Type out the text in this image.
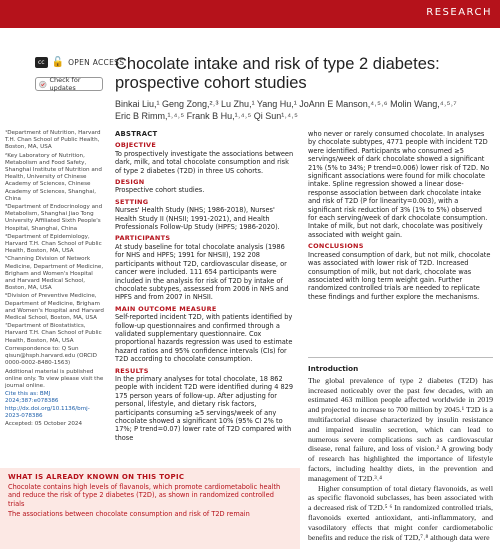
RESEARCH
cc 🔓 OPEN ACCESS
Check for updates
Chocolate intake and risk of type 2 diabetes: prospective cohort studies
Binkai Liu,¹ Geng Zong,²˒³ Lu Zhu,¹ Yang Hu,¹ JoAnn E Manson,⁴˒⁵˒⁶ Molin Wang,⁴˒⁵˒⁷
Eric B Rimm,¹˒⁴˒⁵ Frank B Hu,¹˒⁴˒⁵ Qi Sun¹˒⁴˒⁵

¹Department of Nutrition, Harvard T.H. Chan School of Public Health, Boston, MA, USA

²Key Laboratory of Nutrition, Metabolism and Food Safety, Shanghai Institute of Nutrition and Health, University of Chinese Academy of Sciences, Chinese Academy of Sciences, Shanghai, China

³Department of Endocrinology and Metabolism, Shanghai Jiao Tong University Affiliated Sixth People's Hospital, Shanghai, China

⁴Department of Epidemiology, Harvard T.H. Chan School of Public Health, Boston, MA, USA

⁵Channing Division of Network Medicine, Department of Medicine, Brigham and Women's Hospital and Harvard Medical School, Boston, MA, USA

⁶Division of Preventive Medicine, Department of Medicine, Brigham and Women's Hospital and Harvard Medical School, Boston, MA, USA

⁷Department of Biostatistics, Harvard T.H. Chan School of Public Health, Boston, MA, USA

Correspondence to: Q Sun qisun@hsph.harvard.edu (ORCID 0000-0002-8480-1563)

Additional material is published online only. To view please visit the journal online.

Cite this as: BMJ 2024;387:e078386 http://dx.doi.org/10.1136/bmj-2023-078386

Accepted: 05 October 2024

ABSTRACT
OBJECTIVE

To prospectively investigate the associations between dark, milk, and total chocolate consumption and risk of type 2 diabetes (T2D) in three US cohorts.

DESIGN

Prospective cohort studies.

SETTING

Nurses' Health Study (NHS; 1986-2018), Nurses' Health Study II (NHSII; 1991-2021), and Health Professionals Follow-Up Study (HPFS; 1986-2020).

PARTICIPANTS

At study baseline for total chocolate analysis (1986 for NHS and HPFS; 1991 for NHSII), 192 208 participants without T2D, cardiovascular disease, or cancer were included. 111 654 participants were included in the analysis for risk of T2D by intake of chocolate subtypes, assessed from 2006 in NHS and HPFS and from 2007 in NHSII.

MAIN OUTCOME MEASURE

Self-reported incident T2D, with patients identified by follow-up questionnaires and confirmed through a validated supplementary questionnaire. Cox proportional hazards regression was used to estimate hazard ratios and 95% confidence intervals (CIs) for T2D according to chocolate consumption.

RESULTS

In the primary analyses for total chocolate, 18 862 people with incident T2D were identified during 4 829 175 person years of follow-up. After adjusting for personal, lifestyle, and dietary risk factors, participants consuming ≥5 servings/week of any chocolate showed a significant 10% (95% CI 2% to 17%; P trend=0.07) lower rate of T2D compared with those

who never or rarely consumed chocolate. In analyses by chocolate subtypes, 4771 people with incident T2D were identified. Participants who consumed ≥5 servings/week of dark chocolate showed a significant 21% (5% to 34%; P trend=0.006) lower risk of T2D. No significant associations were found for milk chocolate intake. Spline regression showed a linear dose-response association between dark chocolate intake and risk of T2D (P for linearity=0.003), with a significant risk reduction of 3% (1% to 5%) observed for each serving/week of dark chocolate consumption. Intake of milk, but not dark, chocolate was positively associated with weight gain.

CONCLUSIONS

Increased consumption of dark, but not milk, chocolate was associated with lower risk of T2D. Increased consumption of milk, but not dark, chocolate was associated with long term weight gain. Further randomized controlled trials are needed to replicate these findings and further explore the mechanisms.

Introduction

The global prevalence of type 2 diabetes (T2D) has increased noticeably over the past few decades, with an estimated 463 million people affected worldwide in 2019 and projected to increase to 700 million by 2045.¹ T2D is a multifactorial disease characterized by insulin resistance and impaired insulin secretion, which can lead to numerous severe complications such as cardiovascular disease, renal failure, and loss of vision.² A growing body of research has highlighted the importance of lifestyle factors, including healthy diets, in the prevention and management of T2D.³˒⁴

Higher consumption of total dietary flavonoids, as well as specific flavonoid subclasses, has been associated with a decreased risk of T2D.⁵ ⁶ In randomized controlled trials, flavonoids exerted antioxidant, anti-inflammatory, and vasodilatory effects that might confer cardiometabolic benefits and reduce the risk of T2D,⁷˒⁸ although data were

WHAT IS ALREADY KNOWN ON THIS TOPIC

Chocolate contains high levels of flavanols, which promote cardiometabolic health and reduce the risk of type 2 diabetes (T2D), as shown in randomized controlled trials

The associations between chocolate consumption and risk of T2D remain
